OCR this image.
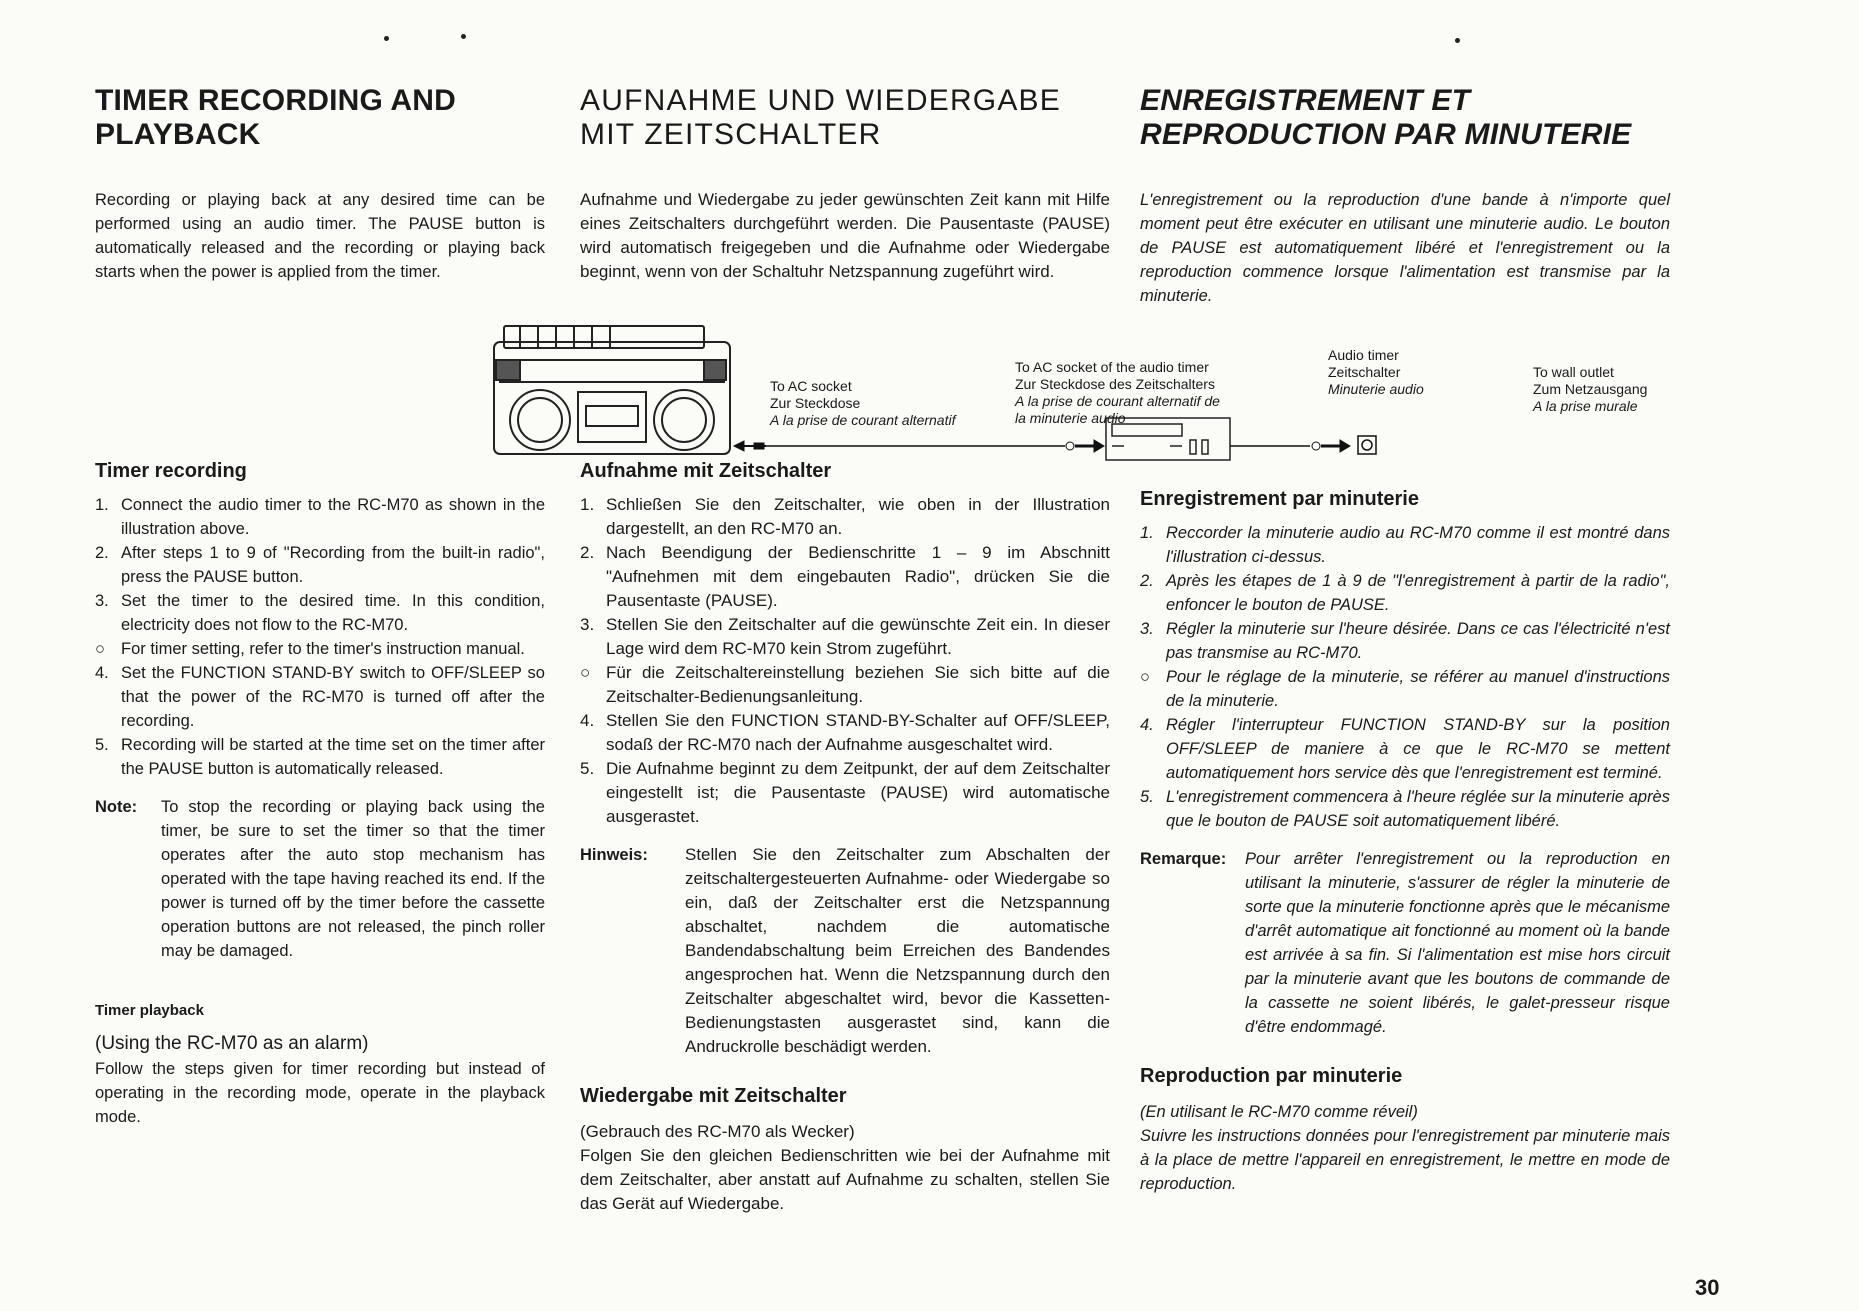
TIMER RECORDING AND PLAYBACK

Recording or playing back at any desired time can be performed using an audio timer. The PAUSE button is automatically released and the recording or playing back starts when the power is applied from the timer.

Timer recording
1. Connect the audio timer to the RC-M70 as shown in the illustration above.
2. After steps 1 to 9 of "Recording from the built-in radio", press the PAUSE button.
3. Set the timer to the desired time. In this condition, electricity does not flow to the RC-M70.
○ For timer setting, refer to the timer's instruction manual.
4. Set the FUNCTION STAND-BY switch to OFF/SLEEP so that the power of the RC-M70 is turned off after the recording.
5. Recording will be started at the time set on the timer after the PAUSE button is automatically released.
Note:	To stop the recording or playing back using the timer, be sure to set the timer so that the timer operates after the auto stop mechanism has operated with the tape having reached its end. If the power is turned off by the timer before the cassette operation buttons are not released, the pinch roller may be damaged.

Timer playback

(Using the RC-M70 as an alarm)

Follow the steps given for timer recording but instead of operating in the recording mode, operate in the playback mode.

AUFNAHME UND WIEDERGABE MIT ZEITSCHALTER

Aufnahme und Wiedergabe zu jeder gewünschten Zeit kann mit Hilfe eines Zeitschalters durchgeführt werden. Die Pausentaste (PAUSE) wird automatisch freigegeben und die Aufnahme oder Wiedergabe beginnt, wenn von der Schaltuhr Netzspannung zugeführt wird.

Aufnahme mit Zeitschalter
1. Schließen Sie den Zeitschalter, wie oben in der Illustration dargestellt, an den RC-M70 an.
2. Nach Beendigung der Bedienschritte 1 – 9 im Abschnitt "Aufnehmen mit dem eingebauten Radio", drücken Sie die Pausentaste (PAUSE).
3. Stellen Sie den Zeitschalter auf die gewünschte Zeit ein. In dieser Lage wird dem RC-M70 kein Strom zugeführt.
○ Für die Zeitschaltereinstellung beziehen Sie sich bitte auf die Zeitschalter-Bedienungsanleitung.
4. Stellen Sie den FUNCTION STAND-BY-Schalter auf OFF/SLEEP, sodaß der RC-M70 nach der Aufnahme ausgeschaltet wird.
5. Die Aufnahme beginnt zu dem Zeitpunkt, der auf dem Zeitschalter eingestellt ist; die Pausentaste (PAUSE) wird automatische ausgerastet.
Hinweis:	Stellen Sie den Zeitschalter zum Abschalten der zeitschaltergesteuerten Aufnahme- oder Wiedergabe so ein, daß der Zeitschalter erst die Netzspannung abschaltet, nachdem die automatische Bandendabschaltung beim Erreichen des Bandendes angesprochen hat. Wenn die Netzspannung durch den Zeitschalter abgeschaltet wird, bevor die Kassetten-Bedienungstasten ausgerastet sind, kann die Andruckrolle beschädigt werden.

Wiedergabe mit Zeitschalter

(Gebrauch des RC-M70 als Wecker)

Folgen Sie den gleichen Bedienschritten wie bei der Aufnahme mit dem Zeitschalter, aber anstatt auf Aufnahme zu schalten, stellen Sie das Gerät auf Wiedergabe.

ENREGISTREMENT ET REPRODUCTION PAR MINUTERIE

L'enregistrement ou la reproduction d'une bande à n'importe quel moment peut être exécuter en utilisant une minuterie audio. Le bouton de PAUSE est automatiquement libéré et l'enregistrement ou la reproduction commence lorsque l'alimentation est transmise par la minuterie.

Enregistrement par minuterie
1. Reccorder la minuterie audio au RC-M70 comme il est montré dans l'illustration ci-dessus.
2. Après les étapes de 1 à 9 de "l'enregistrement à partir de la radio", enfoncer le bouton de PAUSE.
3. Régler la minuterie sur l'heure désirée. Dans ce cas l'électricité n'est pas transmise au RC-M70.
○ Pour le réglage de la minuterie, se référer au manuel d'instructions de la minuterie.
4. Régler l'interrupteur FUNCTION STAND-BY sur la position OFF/SLEEP de maniere à ce que le RC-M70 se mettent automatiquement hors service dès que l'enregistrement est terminé.
5. L'enregistrement commencera à l'heure réglée sur la minuterie après que le bouton de PAUSE soit automatiquement libéré.
Remarque:	Pour arrêter l'enregistrement ou la reproduction en utilisant la minuterie, s'assurer de régler la minuterie de sorte que la minuterie fonctionne après que le mécanisme d'arrêt automatique ait fonctionné au moment où la bande est arrivée à sa fin. Si l'alimentation est mise hors circuit par la minuterie avant que les boutons de commande de la cassette ne soient libérés, le galet-presseur risque d'être endommagé.

Reproduction par minuterie

(En utilisant le RC-M70 comme réveil)

Suivre les instructions données pour l'enregistrement par minuterie mais à la place de mettre l'appareil en enregistrement, le mettre en mode de reproduction.

To AC socket
Zur Steckdose
A la prise de courant alternatif
To AC socket of the audio timer
Zur Steckdose des Zeitschalters
A la prise de courant alternatif de
la minuterie audio
Audio timer
Zeitschalter
Minuterie audio
To wall outlet
Zum Netzausgang
A la prise murale
30
